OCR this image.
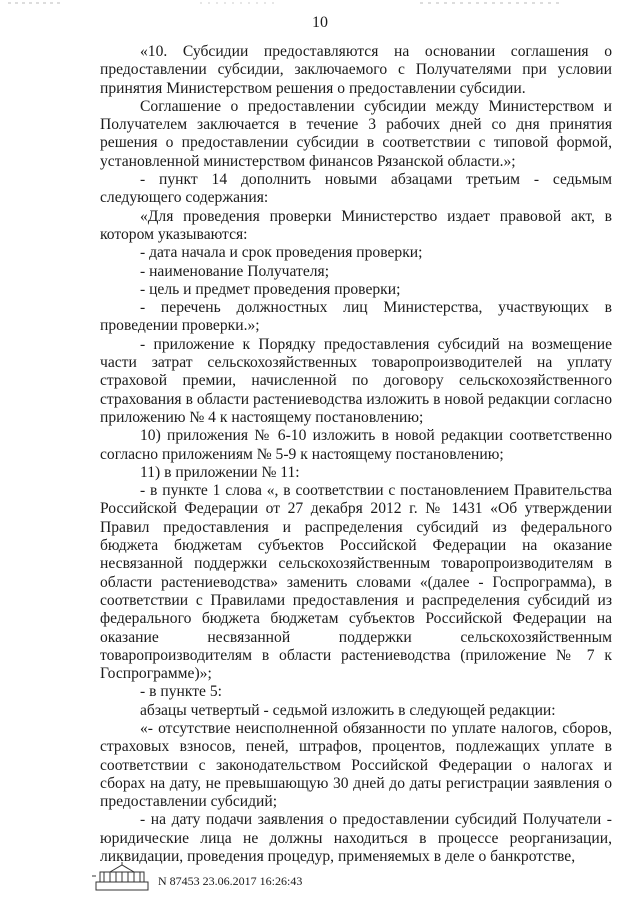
10

«10. Субсидии предоставляются на основании соглашения о предоставлении субсидии, заключаемого с Получателями при условии принятия Министерством решения о предоставлении субсидии.

Соглашение о предоставлении субсидии между Министерством и Получателем заключается в течение 3 рабочих дней со дня принятия решения о предоставлении субсидии в соответствии с типовой формой, установленной министерством финансов Рязанской области.»;

- пункт 14 дополнить новыми абзацами третьим - седьмым следующего содержания:

«Для проведения проверки Министерство издает правовой акт, в котором указываются:

- дата начала и срок проведения проверки;

- наименование Получателя;

- цель и предмет проведения проверки;

- перечень должностных лиц Министерства, участвующих в проведении проверки.»;

- приложение к Порядку предоставления субсидий на возмещение части затрат сельскохозяйственных товаропроизводителей на уплату страховой премии, начисленной по договору сельскохозяйственного страхования в области растениеводства изложить в новой редакции согласно приложению № 4 к настоящему постановлению;

10) приложения № 6-10 изложить в новой редакции соответственно согласно приложениям № 5-9 к настоящему постановлению;

11) в приложении № 11:

- в пункте 1 слова «, в соответствии с постановлением Правительства Российской Федерации от 27 декабря 2012 г. № 1431 «Об утверждении Правил предоставления и распределения субсидий из федерального бюджета бюджетам субъектов Российской Федерации на оказание несвязанной поддержки сельскохозяйственным товаропроизводителям в области растениеводства» заменить словами «(далее - Госпрограмма), в соответствии с Правилами предоставления и распределения субсидий из федерального бюджета бюджетам субъектов Российской Федерации на оказание несвязанной поддержки сельскохозяйственным товаропроизводителям в области растениеводства (приложение № 7 к Госпрограмме)»;

- в пункте 5:

абзацы четвертый - седьмой изложить в следующей редакции:

«- отсутствие неисполненной обязанности по уплате налогов, сборов, страховых взносов, пеней, штрафов, процентов, подлежащих уплате в соответствии с законодательством Российской Федерации о налогах и сборах на дату, не превышающую 30 дней до даты регистрации заявления о предоставлении субсидий;

- на дату подачи заявления о предоставлении субсидий Получатели - юридические лица не должны находиться в процессе реорганизации, ликвидации, проведения процедур, применяемых в деле о банкротстве,

N 87453 23.06.2017 16:26:43
